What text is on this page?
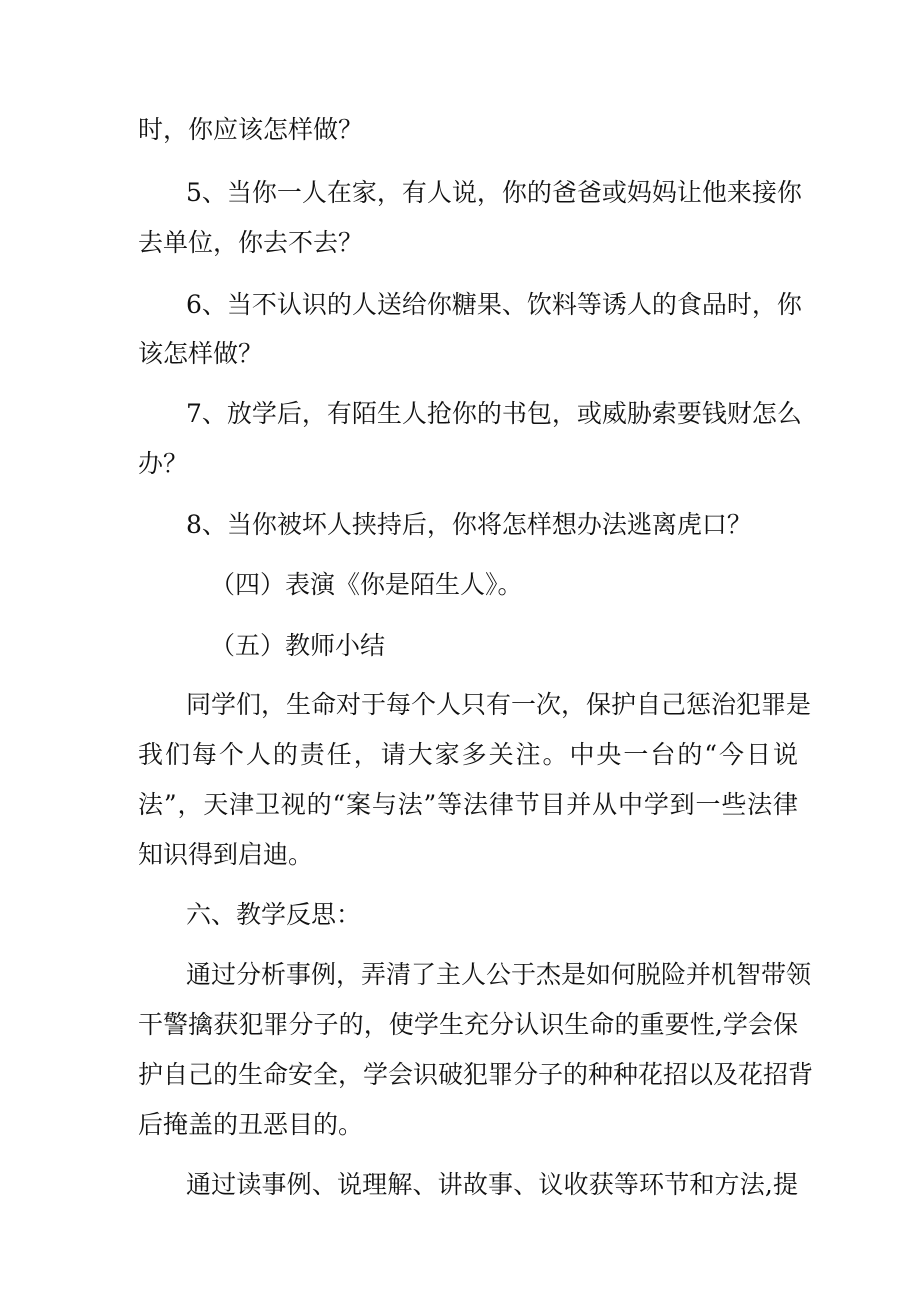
时，你应该怎样做？
5、当你一人在家，有人说，你的爸爸或妈妈让他来接你
去单位，你去不去？
6、当不认识的人送给你糖果、饮料等诱人的食品时，你
该怎样做？
7、放学后，有陌生人抢你的书包，或威胁索要钱财怎么
办？
8、当你被坏人挟持后，你将怎样想办法逃离虎口？
（四）表演《你是陌生人》。
（五）教师小结
同学们，生命对于每个人只有一次，保护自己惩治犯罪是
我们每个人的责任，请大家多关注。中央一台的“今日说
法”，天津卫视的“案与法”等法律节目并从中学到一些法律
知识得到启迪。
六、教学反思：
通过分析事例，弄清了主人公于杰是如何脱险并机智带领
干警擒获犯罪分子的，使学生充分认识生命的重要性,学会保
护自己的生命安全，学会识破犯罪分子的种种花招以及花招背
后掩盖的丑恶目的。
通过读事例、说理解、讲故事、议收获等环节和方法,提
